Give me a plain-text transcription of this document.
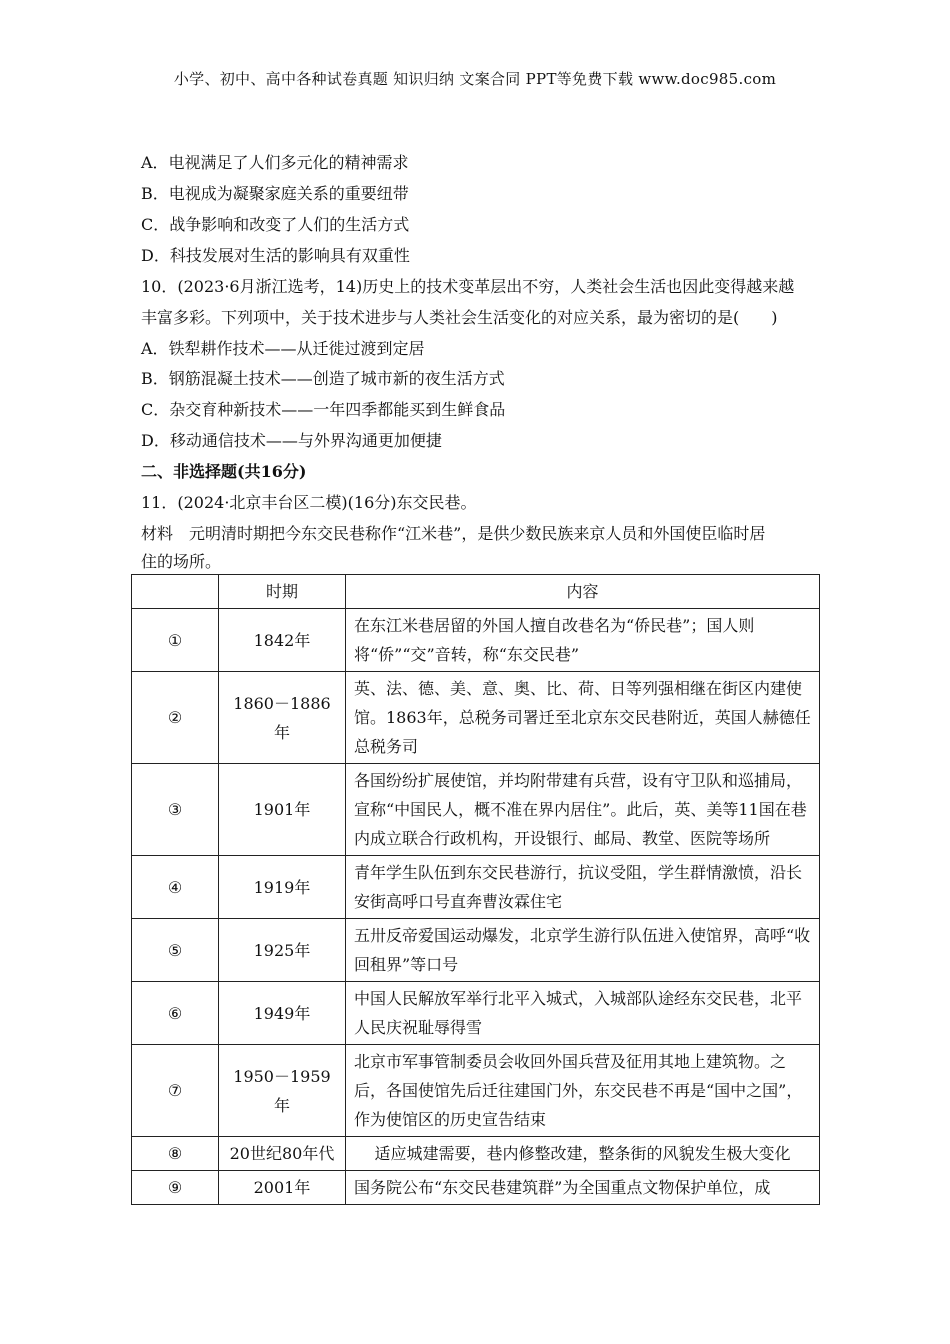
小学、初中、高中各种试卷真题 知识归纳 文案合同 PPT等免费下载 www.doc985.com
A．电视满足了人们多元化的精神需求
B．电视成为凝聚家庭关系的重要纽带
C．战争影响和改变了人们的生活方式
D．科技发展对生活的影响具有双重性
10．(2023·6月浙江选考，14)历史上的技术变革层出不穷，人类社会生活也因此变得越来越
丰富多彩。下列项中，关于技术进步与人类社会生活变化的对应关系，最为密切的是(　　)
A．铁犁耕作技术——从迁徙过渡到定居
B．钢筋混凝土技术——创造了城市新的夜生活方式
C．杂交育种新技术——一年四季都能买到生鲜食品
D．移动通信技术——与外界沟通更加便捷
二、非选择题(共16分)
11．(2024·北京丰台区二模)(16分)东交民巷。
材料　元明清时期把今东交民巷称作“江米巷”，是供少数民族来京人员和外国使臣临时居
住的场所。
	时期	内容
①	1842年	在东江米巷居留的外国人擅自改巷名为“侨民巷”；国人则将“侨”“交”音转，称“东交民巷”
②	1860－1886年	英、法、德、美、意、奥、比、荷、日等列强相继在街区内建使馆。1863年，总税务司署迁至北京东交民巷附近，英国人赫德任总税务司
③	1901年	各国纷纷扩展使馆，并均附带建有兵营，设有守卫队和巡捕局，宣称“中国民人，概不准在界内居住”。此后，英、美等11国在巷内成立联合行政机构，开设银行、邮局、教堂、医院等场所
④	1919年	青年学生队伍到东交民巷游行，抗议受阻，学生群情激愤，沿长安街高呼口号直奔曹汝霖住宅
⑤	1925年	五卅反帝爱国运动爆发，北京学生游行队伍进入使馆界，高呼“收回租界”等口号
⑥	1949年	中国人民解放军举行北平入城式，入城部队途经东交民巷，北平人民庆祝耻辱得雪
⑦	1950－1959年	北京市军事管制委员会收回外国兵营及征用其地上建筑物。之后，各国使馆先后迁往建国门外，东交民巷不再是“国中之国”，作为使馆区的历史宣告结束
⑧	20世纪80年代	适应城建需要，巷内修整改建，整条街的风貌发生极大变化
⑨	2001年	国务院公布“东交民巷建筑群”为全国重点文物保护单位，成
